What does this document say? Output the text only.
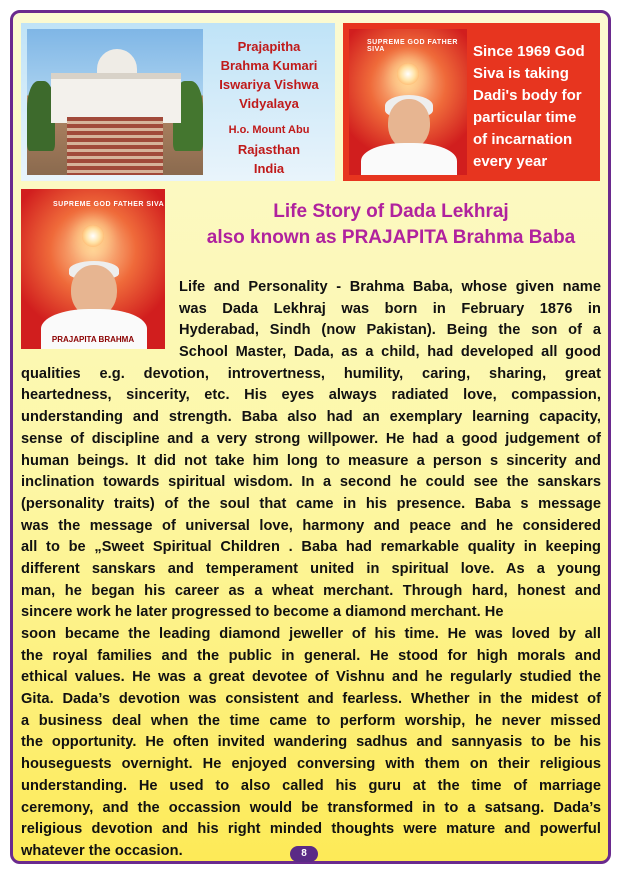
Prajapitha
Brahma Kumari
Iswariya Vishwa
Vidyalaya
H.o. Mount Abu
Rajasthan
India
SUPREME GOD FATHER SIVA	Since 1969 God
Siva is taking
Dadi's body for
particular time
of incarnation
every year
SUPREME GOD FATHER SIVA
PRAJAPITA BRAHMA
Life Story of Dada Lekhraj
also known as PRAJAPITA Brahma Baba
Life and Personality - Brahma Baba, whose given name
was Dada Lekhraj was born in February 1876 in
Hyderabad, Sindh (now Pakistan). Being the son of a
School Master, Dada, as a child, had developed all good
qualities e.g. devotion, introvertness, humility, caring, sharing, great
heartedness, sincerity, etc. His eyes always radiated love, compassion,
understanding and strength. Baba also had an exemplary learning capacity,
sense of discipline and a very strong willpower. He had a good judgement of
human beings. It did not take him long to measure a person s sincerity and
inclination towards spiritual wisdom. In a second he could see the sanskars
(personality traits) of the soul that came in his presence. Baba s message
was the message of universal love, harmony and peace and he considered
all to be „Sweet Spiritual Children . Baba had remarkable quality in keeping
different sanskars and temperament united in spiritual love. As a young
man, he began his career as a wheat merchant. Through hard, honest and
sincere work he later progressed to become a diamond merchant. He
soon became the leading diamond jeweller of his time. He was loved by all
the royal families and the public in general. He stood for high morals and
ethical values. He was a great devotee of Vishnu and he regularly studied the
Gita. Dada’s devotion was consistent and fearless. Whether in the midest of
a business deal when the time came to perform worship, he never missed
the opportunity. He often invited wandering sadhus and sannyasis to be his
houseguests overnight. He enjoyed conversing with them on their religious
understanding. He used to also called his guru at the time of marriage
ceremony, and the occassion would be transformed in to a satsang. Dada’s
religious devotion and his right minded thoughts were mature and powerful
whatever the occasion.	8
